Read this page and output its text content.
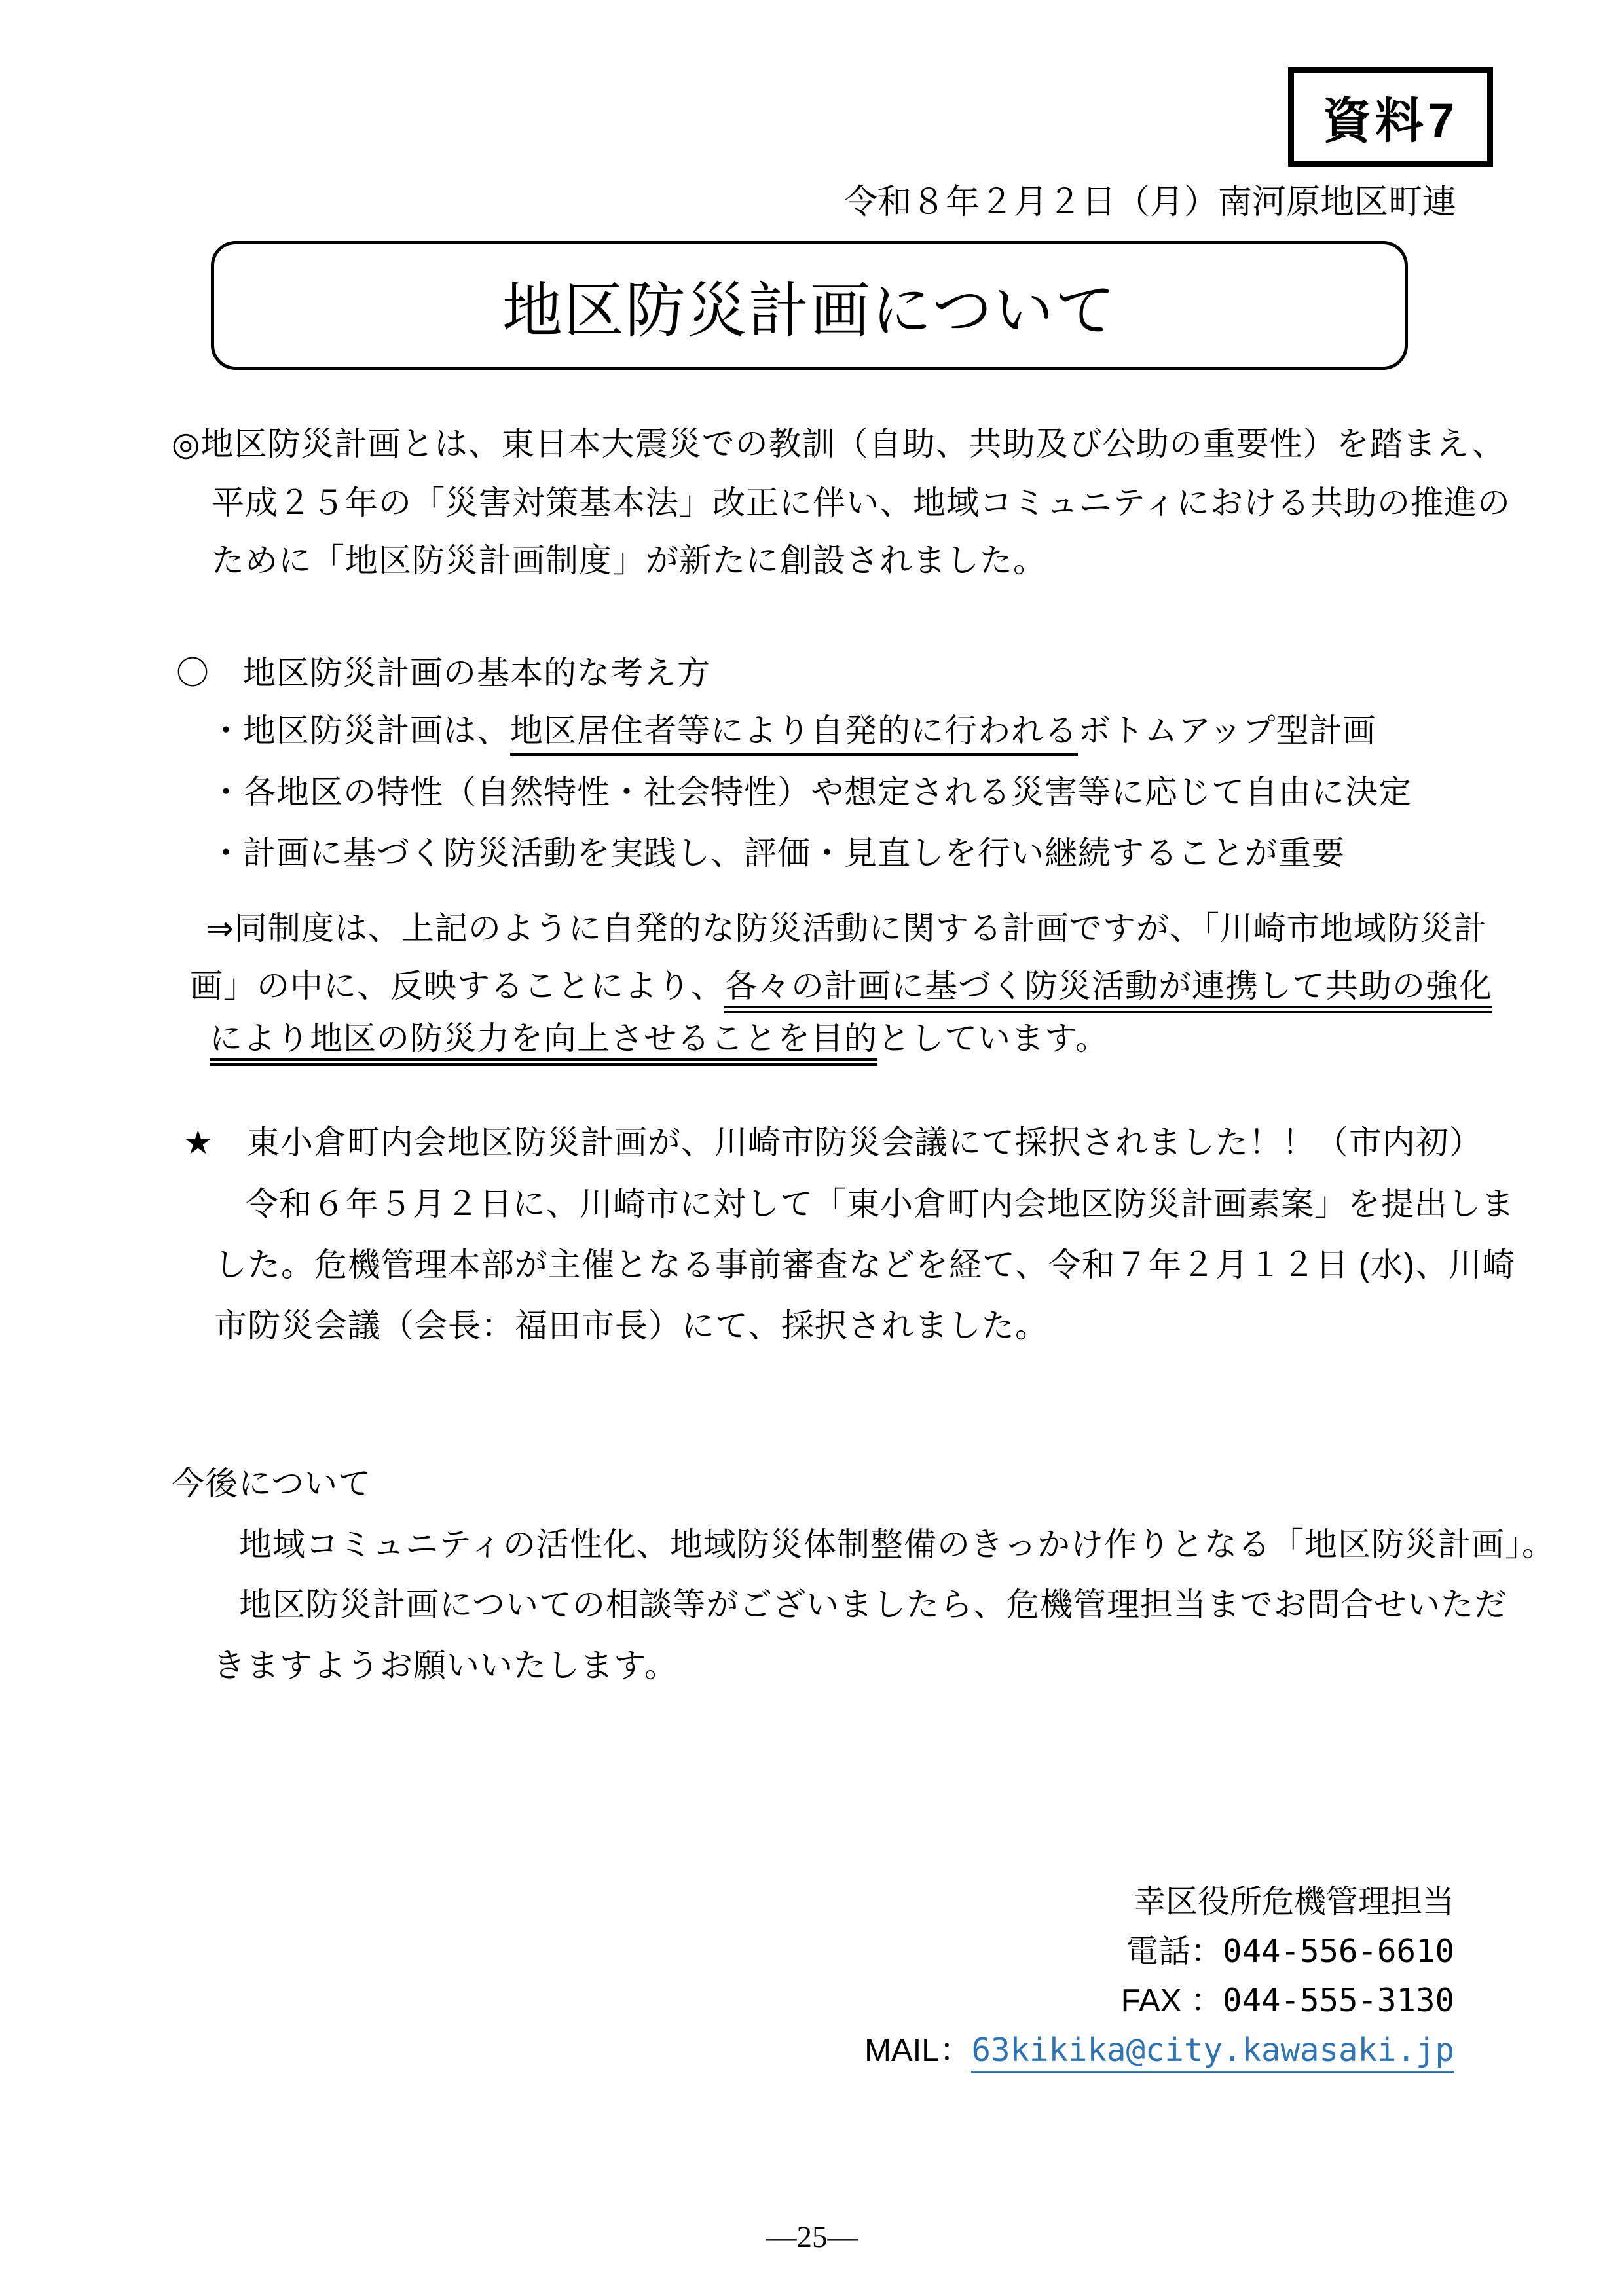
資料7
令和８年２月２日（月）南河原地区町連
地区防災計画について
◎地区防災計画とは、東日本大震災での教訓（自助、共助及び公助の重要性）を踏まえ、
平成２５年の「災害対策基本法」改正に伴い、地域コミュニティにおける共助の推進の
ために「地区防災計画制度」が新たに創設されました。
〇　地区防災計画の基本的な考え方
・地区防災計画は、地区居住者等により自発的に行われるボトムアップ型計画
・各地区の特性（自然特性・社会特性）や想定される災害等に応じて自由に決定
・計画に基づく防災活動を実践し、評価・見直しを行い継続することが重要
⇒同制度は、上記のように自発的な防災活動に関する計画ですが、「川崎市地域防災計
画」の中に、反映することにより、各々の計画に基づく防災活動が連携して共助の強化
により地区の防災力を向上させることを目的としています。
★　東小倉町内会地区防災計画が、川崎市防災会議にて採択されました！！（市内初）
令和６年５月２日に、川崎市に対して「東小倉町内会地区防災計画素案」を提出しま
した。危機管理本部が主催となる事前審査などを経て、令和７年２月１２日 (水)、川崎
市防災会議（会長：福田市長）にて、採択されました。
今後について
地域コミュニティの活性化、地域防災体制整備のきっかけ作りとなる「地区防災計画」。
地区防災計画についての相談等がございましたら、危機管理担当までお問合せいただ
きますようお願いいたします。
幸区役所危機管理担当
電話：044-556-6610
FAX ：044-555-3130
MAIL：63kikika@city.kawasaki.jp
―25―
